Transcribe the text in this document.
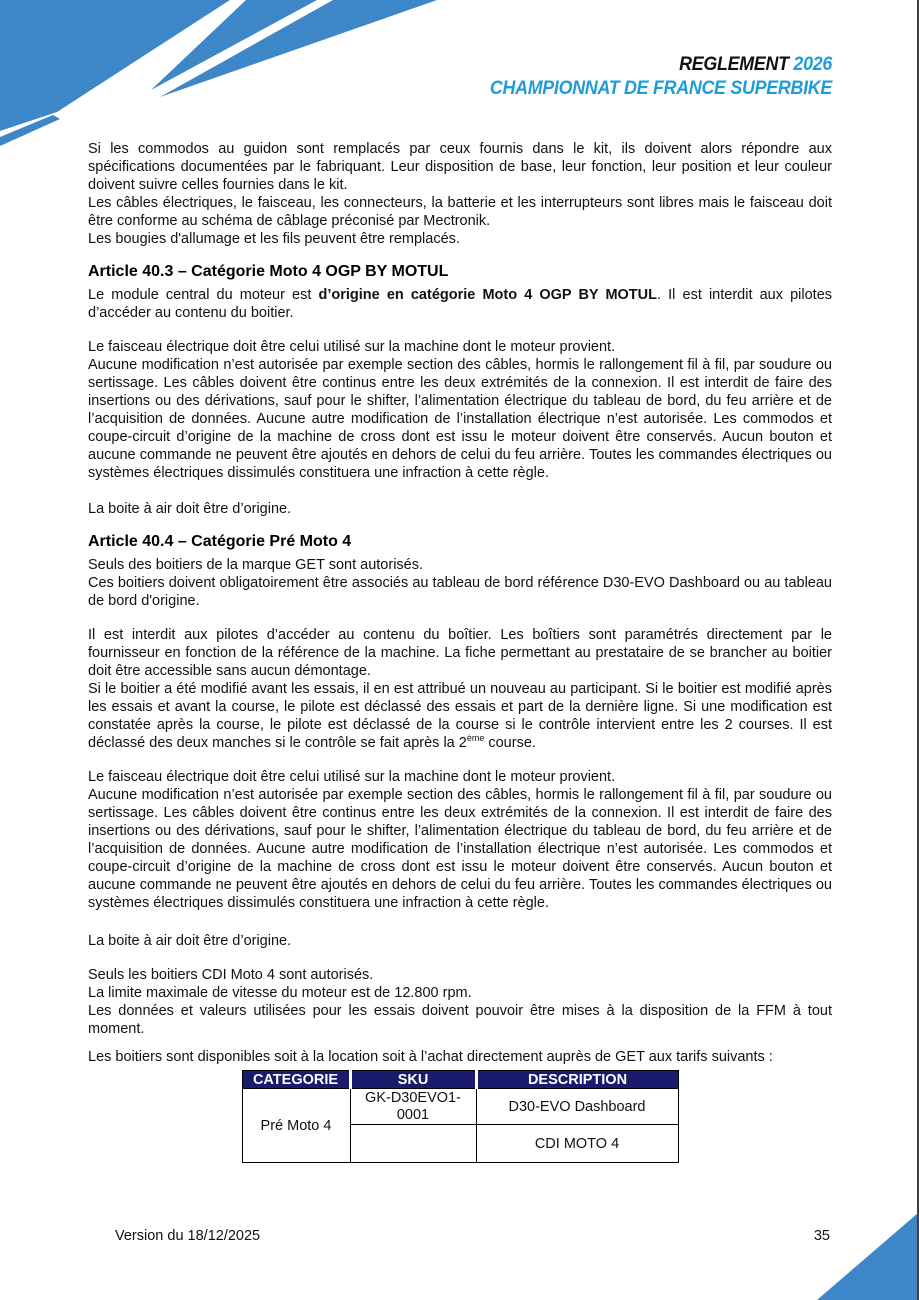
REGLEMENT 2026
CHAMPIONNAT DE FRANCE SUPERBIKE

Si les commodos au guidon sont remplacés par ceux fournis dans le kit, ils doivent alors répondre aux spécifications documentées par le fabriquant. Leur disposition de base, leur fonction, leur position et leur couleur doivent suivre celles fournies dans le kit.

Les câbles électriques, le faisceau, les connecteurs, la batterie et les interrupteurs sont libres mais le faisceau doit être conforme au schéma de câblage préconisé par Mectronik.

Les bougies d'allumage et les fils peuvent être remplacés.

Article 40.3 – Catégorie Moto 4 OGP BY MOTUL

Le module central du moteur est d’origine en catégorie Moto 4 OGP BY MOTUL. Il est interdit aux pilotes d’accéder au contenu du boitier.

Le faisceau électrique doit être celui utilisé sur la machine dont le moteur provient.

Aucune modification n’est autorisée par exemple section des câbles, hormis le rallongement fil à fil, par soudure ou sertissage. Les câbles doivent être continus entre les deux extrémités de la connexion. Il est interdit de faire des insertions ou des dérivations, sauf pour le shifter, l’alimentation électrique du tableau de bord, du feu arrière et de l’acquisition de données. Aucune autre modification de l’installation électrique n’est autorisée. Les commodos et coupe-circuit d’origine de la machine de cross dont est issu le moteur doivent être conservés. Aucun bouton et aucune commande ne peuvent être ajoutés en dehors de celui du feu arrière. Toutes les commandes électriques ou systèmes électriques dissimulés constituera une infraction à cette règle.

La boite à air doit être d’origine.

Article 40.4 – Catégorie Pré Moto 4

Seuls des boitiers de la marque GET sont autorisés.

Ces boitiers doivent obligatoirement être associés au tableau de bord référence D30-EVO Dashboard ou au tableau de bord d'origine.

Il est interdit aux pilotes d’accéder au contenu du boîtier. Les boîtiers sont paramétrés directement par le fournisseur en fonction de la référence de la machine. La fiche permettant au prestataire de se brancher au boitier doit être accessible sans aucun démontage.

Si le boitier a été modifié avant les essais, il en est attribué un nouveau au participant. Si le boitier est modifié après les essais et avant la course, le pilote est déclassé des essais et part de la dernière ligne. Si une modification est constatée après la course, le pilote est déclassé de la course si le contrôle intervient entre les 2 courses. Il est déclassé des deux manches si le contrôle se fait après la 2ème course.

Le faisceau électrique doit être celui utilisé sur la machine dont le moteur provient.

Aucune modification n’est autorisée par exemple section des câbles, hormis le rallongement fil à fil, par soudure ou sertissage. Les câbles doivent être continus entre les deux extrémités de la connexion. Il est interdit de faire des insertions ou des dérivations, sauf pour le shifter, l’alimentation électrique du tableau de bord, du feu arrière et de l’acquisition de données. Aucune autre modification de l’installation électrique n’est autorisée. Les commodos et coupe-circuit d’origine de la machine de cross dont est issu le moteur doivent être conservés. Aucun bouton et aucune commande ne peuvent être ajoutés en dehors de celui du feu arrière. Toutes les commandes électriques ou systèmes électriques dissimulés constituera une infraction à cette règle.

La boite à air doit être d’origine.

Seuls les boitiers CDI Moto 4 sont autorisés.

La limite maximale de vitesse du moteur est de 12.800 rpm.

Les données et valeurs utilisées pour les essais doivent pouvoir être mises à la disposition de la FFM à tout moment.

Les boitiers sont disponibles soit à la location soit à l’achat directement auprès de GET aux tarifs suivants :

CATEGORIE	SKU	DESCRIPTION
Pré Moto 4	GK-D30EVO1-0001	D30-EVO Dashboard
		CDI MOTO 4
Version du 18/12/2025	35
